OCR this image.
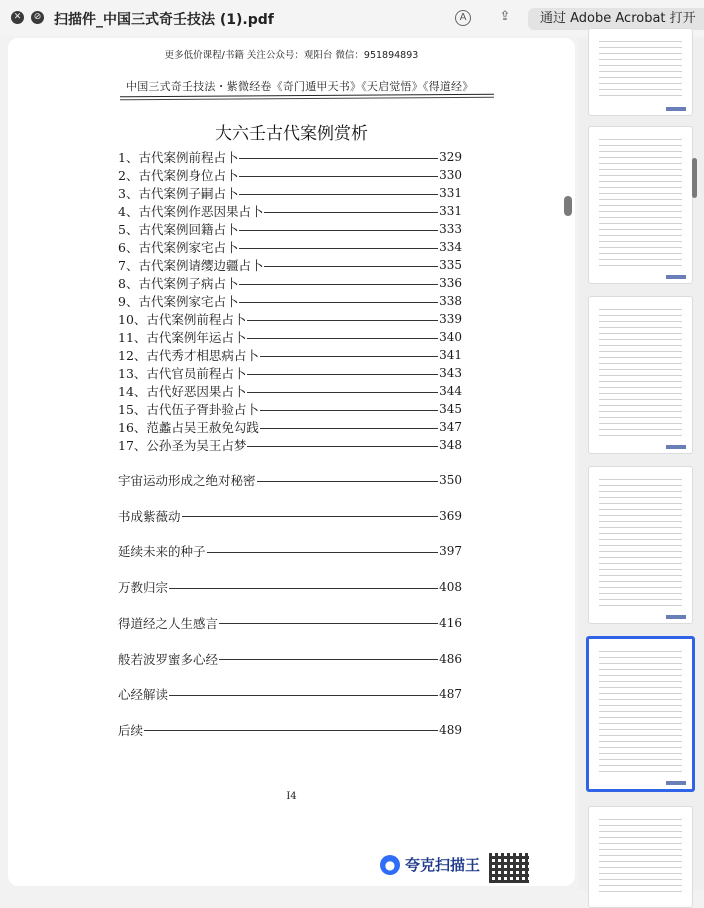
✕	⊘ 扫描件_中国三式奇壬技法 (1).pdf	A	⇪	通过 Adobe Acrobat 打开
更多低价课程/书籍 关注公众号：观阳台 微信：951894893
中国三式奇壬技法・紫微经卷《奇门遁甲天书》《天启觉悟》《得道经》
大六壬古代案例赏析
1、古代案例前程占卜	329
2、古代案例身位占卜	330
3、古代案例子嗣占卜	331
4、古代案例作恶因果占卜	331
5、古代案例回籍占卜	333
6、古代案例家宅占卜	334
7、古代案例请缨边疆占卜	335
8、古代案例子病占卜	336
9、古代案例家宅占卜	338
10、古代案例前程占卜	339
11、古代案例年运占卜	340
12、古代秀才相思病占卜	341
13、古代官员前程占卜	343
14、古代好恶因果占卜	344
15、古代伍子胥卦验占卜	345
16、范蠡占吴王赦免勾践	347
17、公孙圣为吴王占梦	348
宇宙运动形成之绝对秘密	350
书成紫薇动	369
延续未来的种子	397
万教归宗	408
得道经之人生感言	416
般若波罗蜜多心经	486
心经解读	487
后续	489
I4
● 夸克扫描王
